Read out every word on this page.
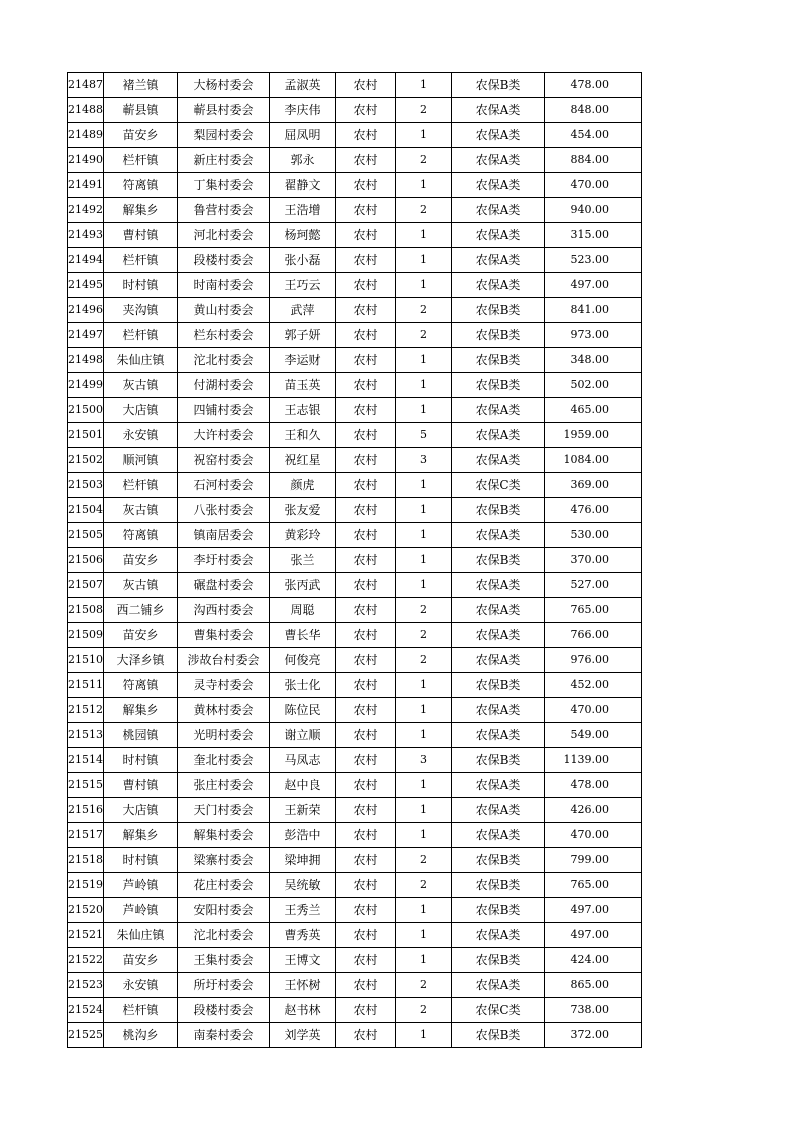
21487	褚兰镇	大杨村委会	孟淑英	农村	1	农保B类	478.00
21488	蕲县镇	蕲县村委会	李庆伟	农村	2	农保A类	848.00
21489	苗安乡	梨园村委会	屈凤明	农村	1	农保A类	454.00
21490	栏杆镇	新庄村委会	郭永	农村	2	农保A类	884.00
21491	符离镇	丁集村委会	翟静文	农村	1	农保A类	470.00
21492	解集乡	鲁营村委会	王浩增	农村	2	农保A类	940.00
21493	曹村镇	河北村委会	杨珂懿	农村	1	农保A类	315.00
21494	栏杆镇	段楼村委会	张小磊	农村	1	农保A类	523.00
21495	时村镇	时南村委会	王巧云	农村	1	农保A类	497.00
21496	夹沟镇	黄山村委会	武萍	农村	2	农保B类	841.00
21497	栏杆镇	栏东村委会	郭子妍	农村	2	农保B类	973.00
21498	朱仙庄镇	沱北村委会	李运财	农村	1	农保B类	348.00
21499	灰古镇	付湖村委会	苗玉英	农村	1	农保B类	502.00
21500	大店镇	四铺村委会	王志银	农村	1	农保A类	465.00
21501	永安镇	大许村委会	王和久	农村	5	农保A类	1959.00
21502	顺河镇	祝窑村委会	祝红星	农村	3	农保A类	1084.00
21503	栏杆镇	石河村委会	颜虎	农村	1	农保C类	369.00
21504	灰古镇	八张村委会	张友爱	农村	1	农保B类	476.00
21505	符离镇	镇南居委会	黄彩玲	农村	1	农保A类	530.00
21506	苗安乡	李圩村委会	张兰	农村	1	农保B类	370.00
21507	灰古镇	碾盘村委会	张丙武	农村	1	农保A类	527.00
21508	西二铺乡	沟西村委会	周聪	农村	2	农保A类	765.00
21509	苗安乡	曹集村委会	曹长华	农村	2	农保A类	766.00
21510	大泽乡镇	涉故台村委会	何俊亮	农村	2	农保A类	976.00
21511	符离镇	灵寺村委会	张士化	农村	1	农保B类	452.00
21512	解集乡	黄林村委会	陈位民	农村	1	农保A类	470.00
21513	桃园镇	光明村委会	谢立顺	农村	1	农保A类	549.00
21514	时村镇	奎北村委会	马凤志	农村	3	农保B类	1139.00
21515	曹村镇	张庄村委会	赵中良	农村	1	农保A类	478.00
21516	大店镇	天门村委会	王新荣	农村	1	农保A类	426.00
21517	解集乡	解集村委会	彭浩中	农村	1	农保A类	470.00
21518	时村镇	梁寨村委会	梁坤拥	农村	2	农保B类	799.00
21519	芦岭镇	花庄村委会	吴统敏	农村	2	农保B类	765.00
21520	芦岭镇	安阳村委会	王秀兰	农村	1	农保B类	497.00
21521	朱仙庄镇	沱北村委会	曹秀英	农村	1	农保A类	497.00
21522	苗安乡	王集村委会	王博文	农村	1	农保B类	424.00
21523	永安镇	所圩村委会	王怀树	农村	2	农保A类	865.00
21524	栏杆镇	段楼村委会	赵书林	农村	2	农保C类	738.00
21525	桃沟乡	南秦村委会	刘学英	农村	1	农保B类	372.00
